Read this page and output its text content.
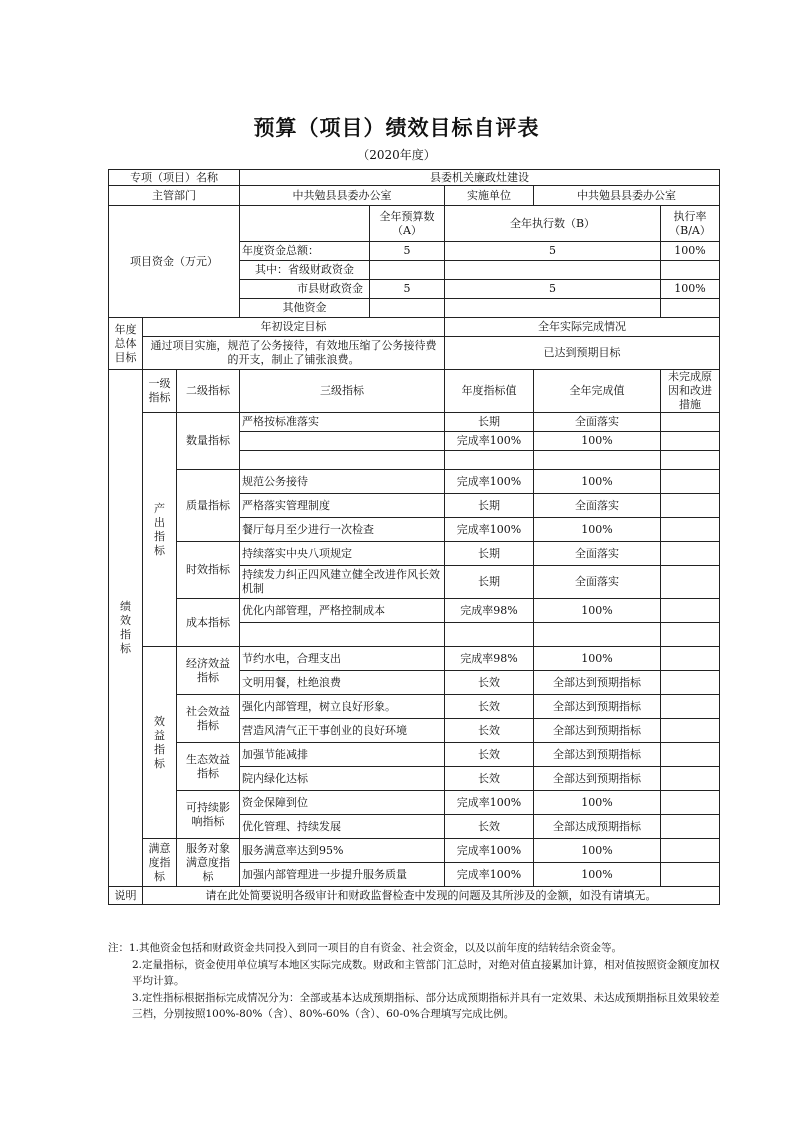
预算（项目）绩效目标自评表
（2020年度）
专项（项目）名称			县委机关廉政灶建设				
主管部门			中共勉县县委办公室		实施单位	中共勉县县委办公室	
项目资金（万元）				全年预算数（A）	全年执行数（B）		执行率（B/A）
			年度资金总额：	5	5		100%
			其中：省级财政资金				
			市县财政资金	5	5		100%
			其他资金				
年度总体目标	年初设定目标				全年实际完成情况		
	通过项目实施，规范了公务接待，有效地压缩了公务接待费的开支，制止了铺张浪费。				已达到预期目标		
绩效指标	一级指标	二级指标	三级指标		年度指标值	全年完成值	未完成原因和改进措施
	产出指标	数量指标	严格按标准落实		长期	全面落实	
					完成率100%	100%	

		质量指标	规范公务接待		完成率100%	100%	
			严格落实管理制度		长期	全面落实	
			餐厅每月至少进行一次检查		完成率100%	100%	
		时效指标	持续落实中央八项规定		长期	全面落实	
			持续发力纠正四风建立健全改进作风长效机制		长期	全面落实	
		成本指标	优化内部管理，严格控制成本		完成率98%	100%	

	效益指标	经济效益指标	节约水电，合理支出		完成率98%	100%	
			文明用餐，杜绝浪费		长效	全部达到预期指标	
		社会效益指标	强化内部管理，树立良好形象。		长效	全部达到预期指标	
			营造风清气正干事创业的良好环境		长效	全部达到预期指标	
		生态效益指标	加强节能减排		长效	全部达到预期指标	
			院内绿化达标		长效	全部达到预期指标	
		可持续影响指标	资金保障到位		完成率100%	100%	
			优化管理、持续发展		长效	全部达成预期指标	
	满意度指标	服务对象满意度指标	服务满意率达到95%		完成率100%	100%	
			加强内部管理进一步提升服务质量		完成率100%	100%	
说明	请在此处简要说明各级审计和财政监督检查中发现的问题及其所涉及的金额，如没有请填无。						

注：1.其他资金包括和财政资金共同投入到同一项目的自有资金、社会资金，以及以前年度的结转结余资金等。

2.定量指标，资金使用单位填写本地区实际完成数。财政和主管部门汇总时，对绝对值直接累加计算，相对值按照资金额度加权平均计算。

3.定性指标根据指标完成情况分为：全部或基本达成预期指标、部分达成预期指标并具有一定效果、未达成预期指标且效果较差三档，分别按照100%-80%（含）、80%-60%（含）、60-0%合理填写完成比例。
